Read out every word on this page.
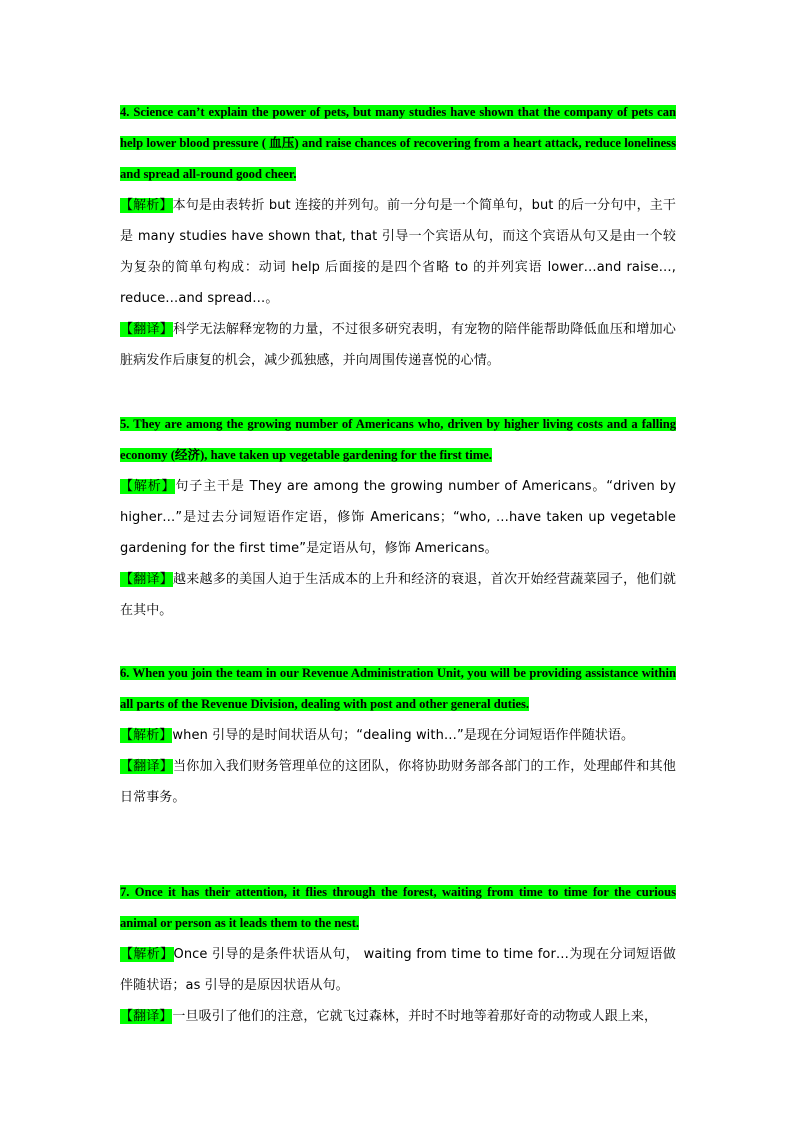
4. Science can’t explain the power of pets, but many studies have shown that the company of pets can help lower blood pressure ( 血压) and raise chances of recovering from a heart attack, reduce loneliness and spread all-round good cheer.
【解析】本句是由表转折 but 连接的并列句。前一分句是一个简单句，but 的后一分句中，主干是 many studies have shown that, that 引导一个宾语从句，而这个宾语从句又是由一个较为复杂的简单句构成：动词 help 后面接的是四个省略 to 的并列宾语 lower…and raise…, reduce…and spread…。
【翻译】科学无法解释宠物的力量，不过很多研究表明，有宠物的陪伴能帮助降低血压和增加心脏病发作后康复的机会，减少孤独感，并向周围传递喜悦的心情。
5. They are among the growing number of Americans who, driven by higher living costs and a falling economy (经济), have taken up vegetable gardening for the first time.
【解析】句子主干是 They are among the growing number of Americans。“driven by higher…”是过去分词短语作定语，修饰 Americans；“who, …have taken up vegetable gardening for the first time”是定语从句，修饰 Americans。
【翻译】越来越多的美国人迫于生活成本的上升和经济的衰退，首次开始经营蔬菜园子，他们就在其中。
6. When you join the team in our Revenue Administration Unit, you will be providing assistance within all parts of the Revenue Division, dealing with post and other general duties.
【解析】when 引导的是时间状语从句；“dealing with…”是现在分词短语作伴随状语。
【翻译】当你加入我们财务管理单位的这团队，你将协助财务部各部门的工作，处理邮件和其他日常事务。
7. Once it has their attention, it flies through the forest, waiting from time to time for the curious animal or person as it leads them to the nest.
【解析】Once 引导的是条件状语从句， waiting from time to time for…为现在分词短语做伴随状语；as 引导的是原因状语从句。
【翻译】一旦吸引了他们的注意，它就飞过森林，并时不时地等着那好奇的动物或人跟上来，
